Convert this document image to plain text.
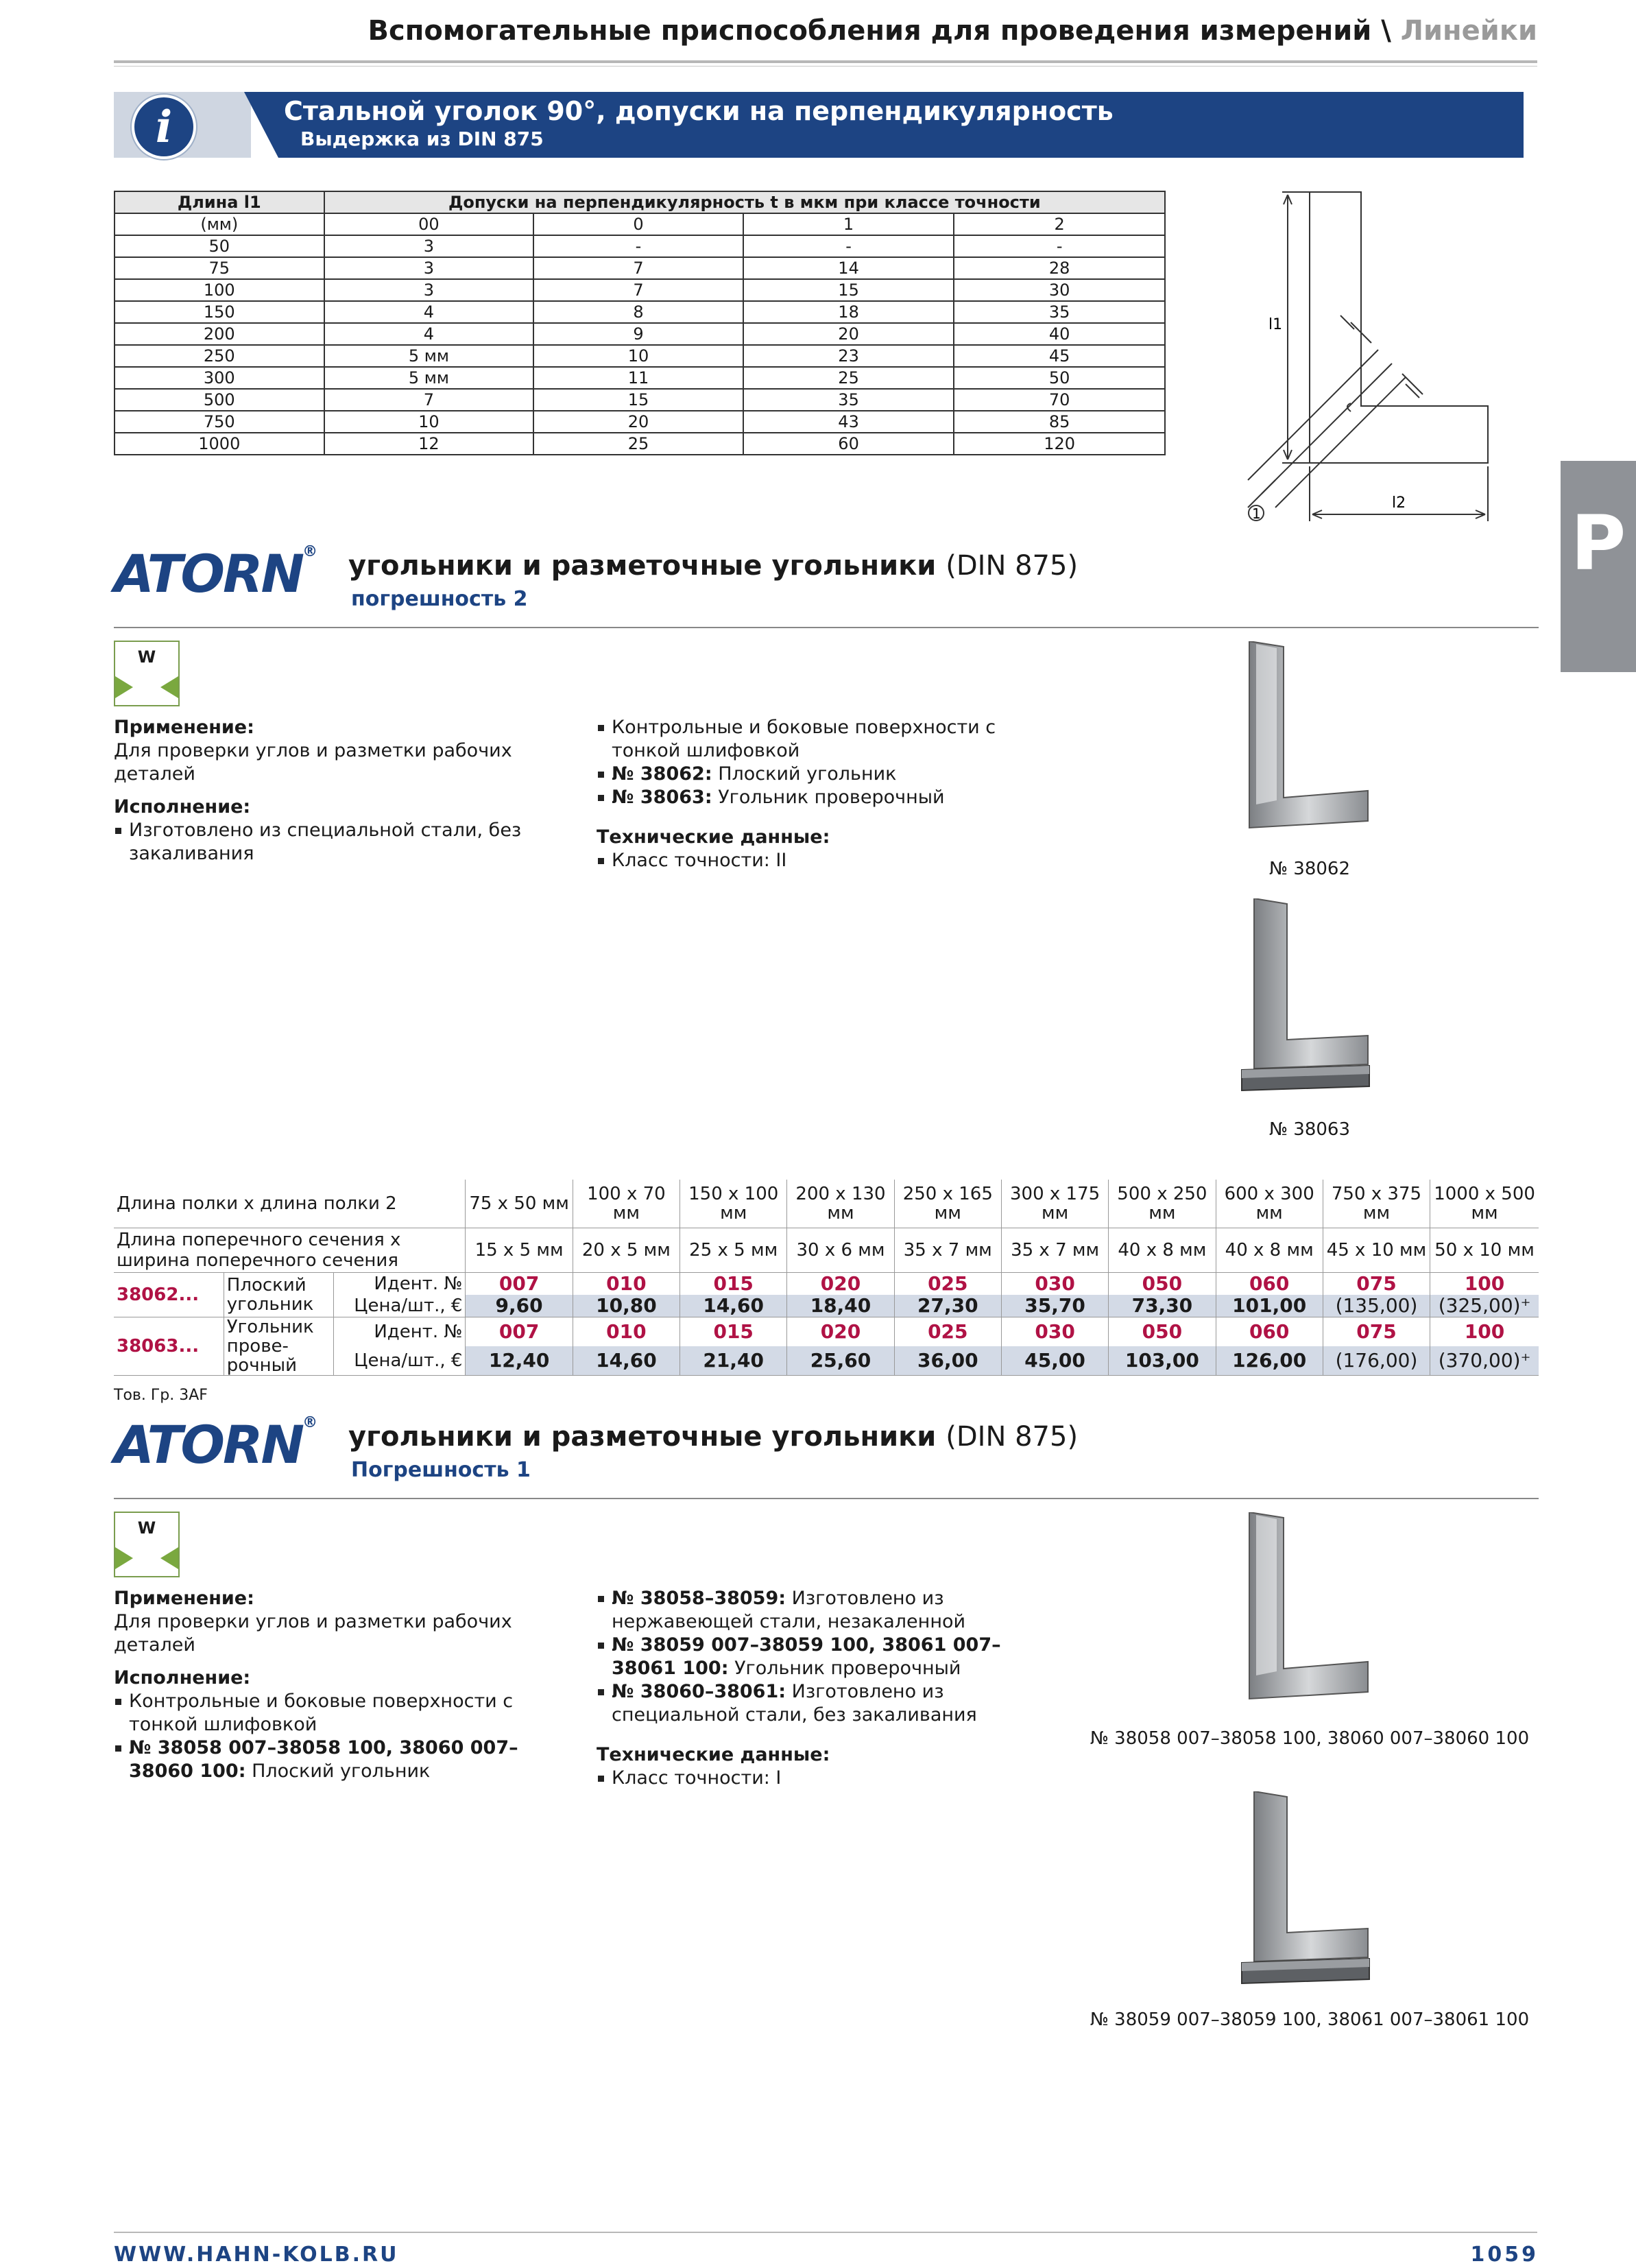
Вспомогательные приспособления для проведения измерений \ Линейки
i	Стальной уголок 90°, допуски на перпендикулярность
Выдержка из DIN 875
Длина l1	Допуски на перпендикулярность t в мкм при классе точности			
(мм)	00	0	1	2
50	3	-	-	-
75	3	7	14	28
100	3	7	15	30
150	4	8	18	35
200	4	9	20	40
250	5 мм	10	23	45
300	5 мм	11	25	50
500	7	15	35	70
750	10	20	43	85
1000	12	25	60	120
l1
l2
1	P
ATORN® угольники и разметочные угольники (DIN 875)
погрешность 2
W
Применение:
Для проверки углов и разметки рабочих деталей
Исполнение:
Изготовлено из специальной стали, без закаливания
Контрольные и боковые поверхности с тонкой шлифовкой
№ 38062: Плоский угольник
№ 38063: Угольник проверочный
Технические данные:
Класс точности: II	№ 38062
№ 38063
Длина полки x длина полки 2			75 x 50 мм	100 x 70 мм	150 x 100 мм	200 x 130 мм	250 x 165 мм	300 x 175 мм	500 x 250 мм	600 x 300 мм	750 x 375 мм	1000 x 500 мм
Длина поперечного сечения x ширина поперечного сечения			15 x 5 мм	20 x 5 мм	25 x 5 мм	30 x 6 мм	35 x 7 мм	35 x 7 мм	40 x 8 мм	40 x 8 мм	45 x 10 мм	50 x 10 мм
38062...	Плоский угольник	Идент. №	007	010	015	020	025	030	050	060	075	100
		Цена/шт., €	9,60	10,80	14,60	18,40	27,30	35,70	73,30	101,00	(135,00)	(325,00)⁺
38063...	Угольник прове- рочный	Идент. №	007	010	015	020	025	030	050	060	075	100
		Цена/шт., €	12,40	14,60	21,40	25,60	36,00	45,00	103,00	126,00	(176,00)	(370,00)⁺
Тов. Гр. 3AF
ATORN® угольники и разметочные угольники (DIN 875)
Погрешность 1
W
Применение:
Для проверки углов и разметки рабочих деталей
Исполнение:
Контрольные и боковые поверхности с тонкой шлифовкой
№ 38058 007–38058 100, 38060 007–38060 100: Плоский угольник
№ 38058–38059: Изготовлено из нержавеющей стали, незакаленной
№ 38059 007–38059 100, 38061 007–38061 100: Угольник проверочный
№ 38060–38061: Изготовлено из специальной стали, без закаливания
Технические данные:
Класс точности: I
№ 38058 007–38058 100, 38060 007–38060 100
№ 38059 007–38059 100, 38061 007–38061 100
WWW.HAHN-KOLB.RU	1059
